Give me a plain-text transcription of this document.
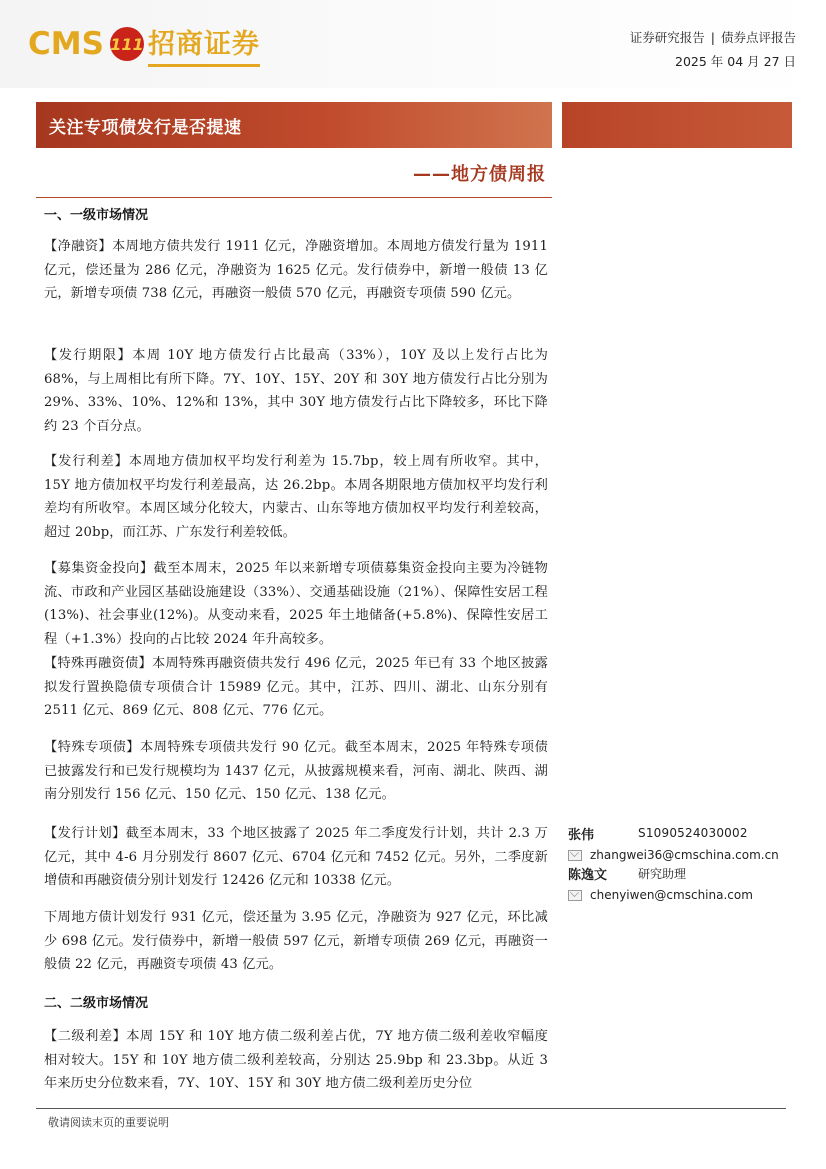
CMS 111 招商证券	证券研究报告 | 债券点评报告
2025 年 04 月 27 日
关注专项债发行是否提速
——地方债周报
一、一级市场情况
【净融资】本周地方债共发行 1911 亿元，净融资增加。本周地方债发行量为 1911 亿元，偿还量为 286 亿元，净融资为 1625 亿元。发行债券中，新增一般债 13 亿元，新增专项债 738 亿元，再融资一般债 570 亿元，再融资专项债 590 亿元。
【发行期限】本周 10Y 地方债发行占比最高（33%），10Y 及以上发行占比为 68%，与上周相比有所下降。7Y、10Y、15Y、20Y 和 30Y 地方债发行占比分别为 29%、33%、10%、12%和 13%，其中 30Y 地方债发行占比下降较多，环比下降约 23 个百分点。
【发行利差】本周地方债加权平均发行利差为 15.7bp，较上周有所收窄。其中，15Y 地方债加权平均发行利差最高，达 26.2bp。本周各期限地方债加权平均发行利差均有所收窄。本周区域分化较大，内蒙古、山东等地方债加权平均发行利差较高，超过 20bp，而江苏、广东发行利差较低。
【募集资金投向】截至本周末，2025 年以来新增专项债募集资金投向主要为冷链物流、市政和产业园区基础设施建设（33%）、交通基础设施（21%）、保障性安居工程(13%)、社会事业(12%)。从变动来看，2025 年土地储备(+5.8%)、保障性安居工程（+1.3%）投向的占比较 2024 年升高较多。
【特殊再融资债】本周特殊再融资债共发行 496 亿元，2025 年已有 33 个地区披露拟发行置换隐债专项债合计 15989 亿元。其中，江苏、四川、湖北、山东分别有 2511 亿元、869 亿元、808 亿元、776 亿元。
【特殊专项债】本周特殊专项债共发行 90 亿元。截至本周末，2025 年特殊专项债已披露发行和已发行规模均为 1437 亿元，从披露规模来看，河南、湖北、陕西、湖南分别发行 156 亿元、150 亿元、150 亿元、138 亿元。
【发行计划】截至本周末，33 个地区披露了 2025 年二季度发行计划，共计 2.3 万亿元，其中 4-6 月分别发行 8607 亿元、6704 亿元和 7452 亿元。另外，二季度新增债和再融资债分别计划发行 12426 亿元和 10338 亿元。
下周地方债计划发行 931 亿元，偿还量为 3.95 亿元，净融资为 927 亿元，环比减少 698 亿元。发行债券中，新增一般债 597 亿元，新增专项债 269 亿元，再融资一般债 22 亿元，再融资专项债 43 亿元。
二、二级市场情况
【二级利差】本周 15Y 和 10Y 地方债二级利差占优，7Y 地方债二级利差收窄幅度相对较大。15Y 和 10Y 地方债二级利差较高，分别达 25.9bp 和 23.3bp。从近 3 年来历史分位数来看，7Y、10Y、15Y 和 30Y 地方债二级利差历史分位
张伟	S1090524030002
zhangwei36@cmschina.com.cn
陈逸文	研究助理
chenyiwen@cmschina.com
敬请阅读末页的重要说明
